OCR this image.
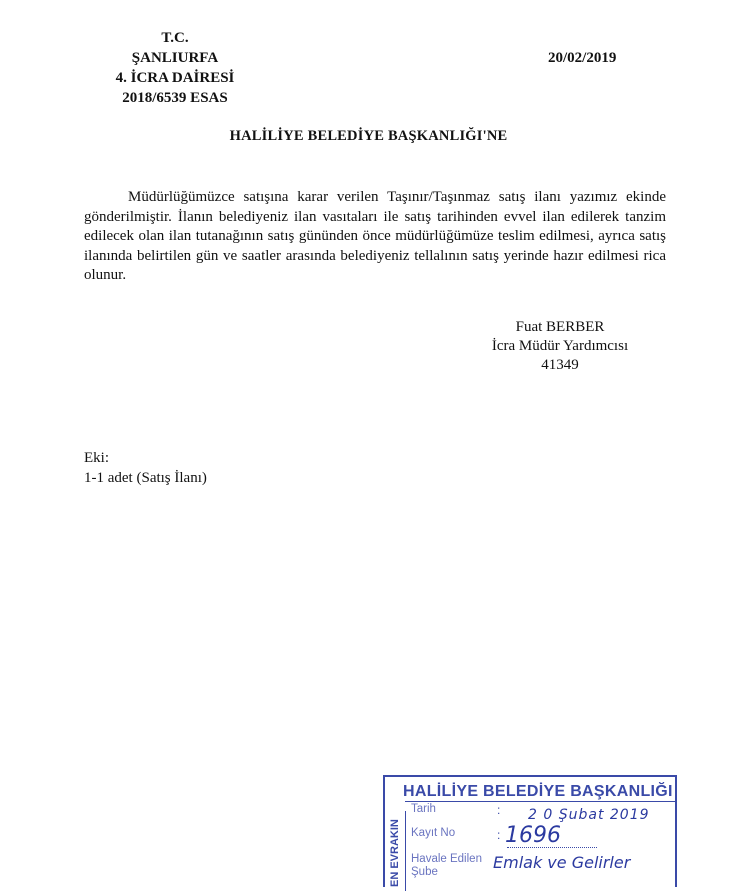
T.C.
ŞANLIURFA
4. İCRA DAİRESİ
2018/6539 ESAS
20/02/2019
HALİLİYE BELEDİYE BAŞKANLIĞI'NE
Müdürlüğümüzce satışına karar verilen Taşınır/Taşınmaz satış ilanı yazımız ekinde gönderilmiştir. İlanın belediyeniz ilan vasıtaları ile satış tarihinden evvel ilan edilerek tanzim edilecek olan ilan tutanağının satış gününden önce müdürlüğümüze teslim edilmesi, ayrıca satış ilanında belirtilen gün ve saatler arasında belediyeniz tellalının satış yerinde hazır edilmesi rica olunur.
Fuat BERBER
İcra Müdür Yardımcısı
41349
Eki:
1-1 adet (Satış İlanı)
HALİLİYE BELEDİYE BAŞKANLIĞI
EN EVRAKIN
Tarih	: 2 0 Şubat 2019
Kayıt No	: 1696
Havale Edilen Emlak ve Gelirler
Şube
